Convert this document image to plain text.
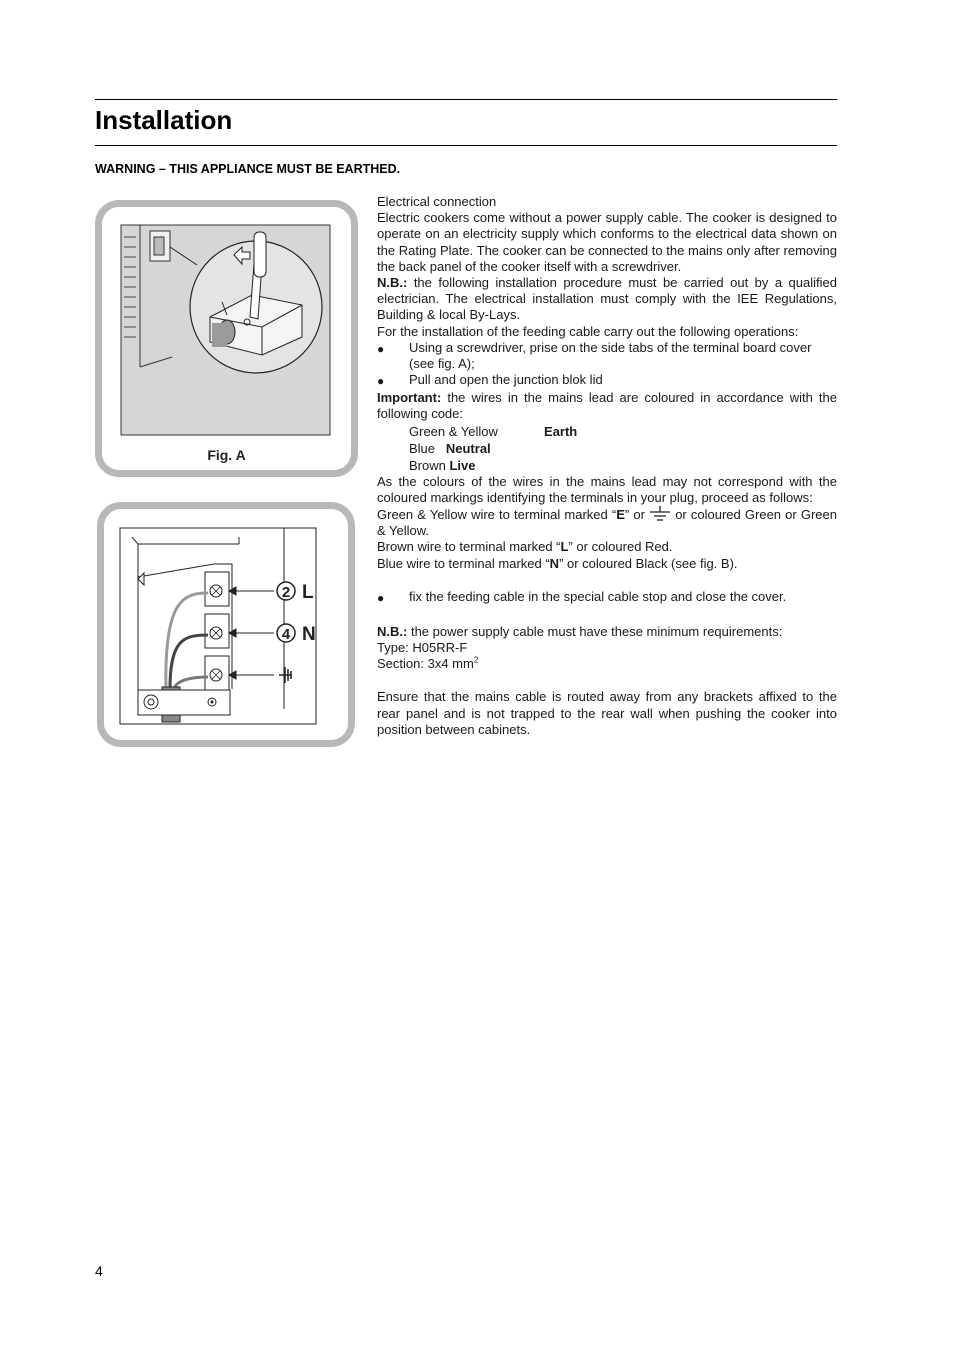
Installation
WARNING – THIS APPLIANCE MUST BE EARTHED.
Fig. A
2 L
4 N

Electrical connection

Electric cookers come without a power supply cable. The cooker is designed to operate on an electricity supply which conforms to the electrical data shown on the Rating Plate. The cooker can be connected to the mains only after removing the back panel of the cooker itself with a screwdriver.

N.B.: the following installation procedure must be carried out by a qualified electrician. The electrical installation must comply with the IEE Regulations, Building & local By-Lays.

For the installation of the feeding cable carry out the following operations:

●	Using a screwdriver, prise on the side tabs of the terminal board cover (see fig. A);
●	Pull and open the junction blok lid

Important: the wires in the mains lead are coloured in accordance with the following code:

Green & Yellow	Earth
Blue Neutral
Brown Live

As the colours of the wires in the mains lead may not correspond with the coloured markings identifying the terminals in your plug, proceed as follows:

Green & Yellow wire to terminal marked “E” or  or coloured Green or Green & Yellow.

Brown wire to terminal marked “L” or coloured Red.

Blue wire to terminal marked “N” or coloured Black (see fig. B).

●	fix the feeding cable in the special cable stop and close the cover.

N.B.: the power supply cable must have these minimum requirements:

Type: H05RR-F

Section: 3x4 $mm^2$

Ensure that the mains cable is routed away from any brackets affixed to the rear panel and is not trapped to the rear wall when pushing the cooker into position between cabinets.

4
